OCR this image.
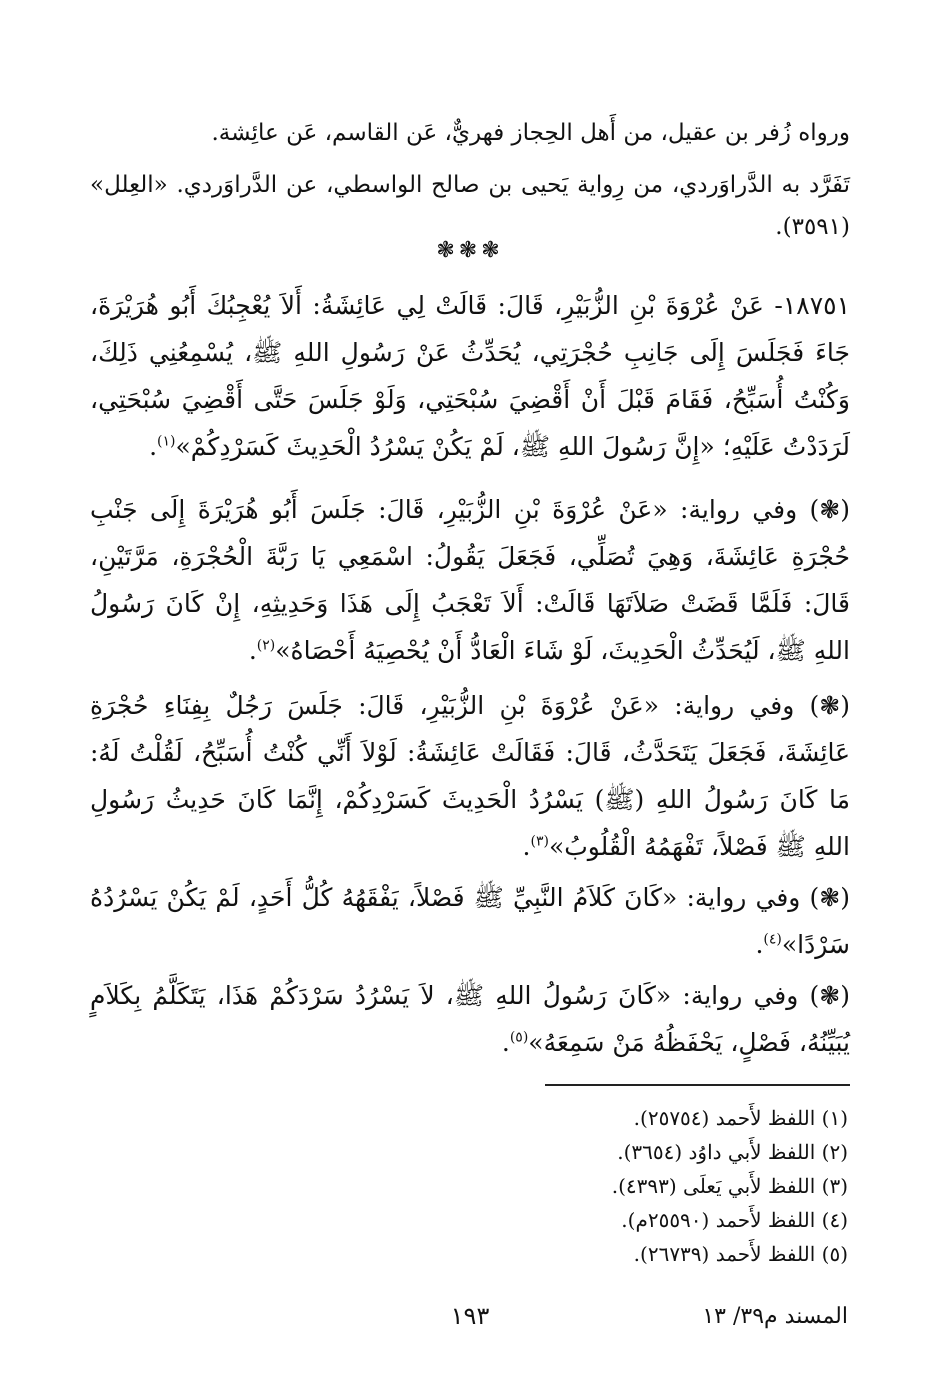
ورواه زُفر بن عقيل، من أَهل الحِجاز فهريٌّ، عَن القاسم، عَن عائِشة.
تَفَرَّد به الدَّراوَردي، من رِواية يَحيى بن صالح الواسطي، عن الدَّراوَردي. «العِلل» (٣٥٩١).
❃❃❃
١٨٧٥١- عَنْ عُرْوَةَ بْنِ الزُّبَيْرِ، قَالَ: قَالَتْ لِي عَائِشَةُ: أَلاَ يُعْجِبُكَ أَبُو هُرَيْرَةَ، جَاءَ فَجَلَسَ إِلَى جَانِبِ حُجْرَتِي، يُحَدِّثُ عَنْ رَسُولِ اللهِ ﷺ، يُسْمِعُنِي ذَلِكَ، وَكُنْتُ أُسَبِّحُ، فَقَامَ قَبْلَ أَنْ أَقْضِيَ سُبْحَتِي، وَلَوْ جَلَسَ حَتَّى أَقْضِيَ سُبْحَتِي، لَرَدَدْتُ عَلَيْهِ؛ «إِنَّ رَسُولَ اللهِ ﷺ، لَمْ يَكُنْ يَسْرُدُ الْحَدِيثَ كَسَرْدِكُمْ»$^{(١)}$.
(❃) وفي رواية: «عَنْ عُرْوَةَ بْنِ الزُّبَيْرِ، قَالَ: جَلَسَ أَبُو هُرَيْرَةَ إِلَى جَنْبِ حُجْرَةِ عَائِشَةَ، وَهِيَ تُصَلِّي، فَجَعَلَ يَقُولُ: اسْمَعِي يَا رَبَّةَ الْحُجْرَةِ، مَرَّتَيْنِ، قَالَ: فَلَمَّا قَضَتْ صَلاَتَهَا قَالَتْ: أَلاَ تَعْجَبُ إِلَى هَذَا وَحَدِيثِهِ، إِنْ كَانَ رَسُولُ اللهِ ﷺ، لَيُحَدِّثُ الْحَدِيثَ، لَوْ شَاءَ الْعَادُّ أَنْ يُحْصِيَهُ أَحْصَاهُ»$^{(٢)}$.
(❃) وفي رواية: «عَنْ عُرْوَةَ بْنِ الزُّبَيْرِ، قَالَ: جَلَسَ رَجُلٌ بِفِنَاءِ حُجْرَةِ عَائِشَةَ، فَجَعَلَ يَتَحَدَّثُ، قَالَ: فَقَالَتْ عَائِشَةُ: لَوْلاَ أَنِّي كُنْتُ أُسَبِّحُ، لَقُلْتُ لَهُ: مَا كَانَ رَسُولُ اللهِ (ﷺ) يَسْرُدُ الْحَدِيثَ كَسَرْدِكُمْ، إِنَّمَا كَانَ حَدِيثُ رَسُولِ اللهِ ﷺ فَصْلاً، تَفْهَمُهُ الْقُلُوبُ»$^{(٣)}$.
(❃) وفي رواية: «كَانَ كَلاَمُ النَّبِيِّ ﷺ فَصْلاً، يَفْقَهُهُ كُلُّ أَحَدٍ، لَمْ يَكُنْ يَسْرُدُهُ سَرْدًا»$^{(٤)}$.
(❃) وفي رواية: «كَانَ رَسُولُ اللهِ ﷺ، لاَ يَسْرُدُ سَرْدَكُمْ هَذَا، يَتَكَلَّمُ بِكَلاَمٍ يُبَيِّنُهُ، فَصْلٍ، يَحْفَظُهُ مَنْ سَمِعَهُ»$^{(٥)}$.
(١) اللفظ لأَحمد (٢٥٧٥٤).
(٢) اللفظ لأَبي داوُد (٣٦٥٤).
(٣) اللفظ لأَبي يَعلَى (٤٣٩٣).
(٤) اللفظ لأَحمد (٢٥٥٩٠م).
(٥) اللفظ لأَحمد (٢٦٧٣٩).
١٩٣	المسند م٣٩/ ١٣
